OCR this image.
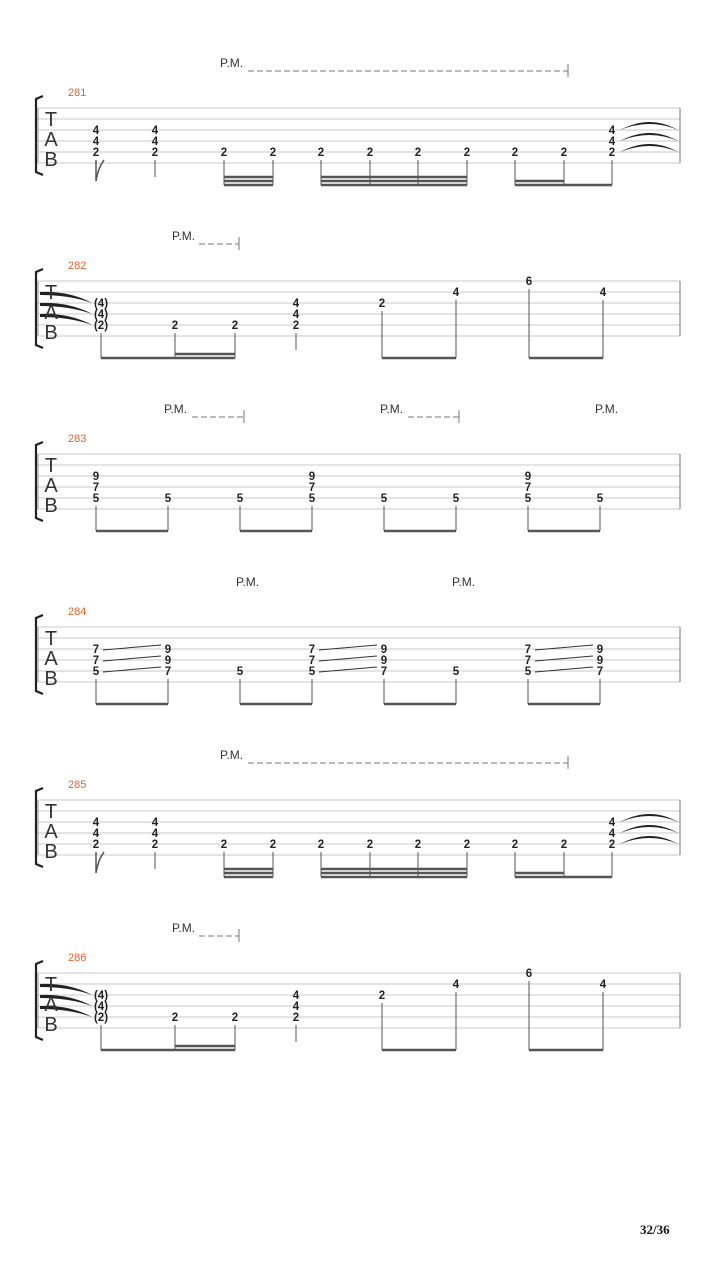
T
A
B
281
P.M.
4
4
2
4
4
2	2	2	2	2	2	2	2	2
4
4
2
T
A
B
282
P.M.
(4)
(4)
(2)	2	2
4
4
2
2
4
6
4
T
A
B
283
P.M.	P.M.	P.M.
9
7
5	5	5
9
7
5	5	5
9
7
5	5
T
A
B
284
P.M.	P.M.
7
7
5
9
9
7	5
7
7
5
9
9
7	5
7
7
5
9
9
7
T
A
B
285
P.M.
4
4
2
4
4
2	2	2	2	2	2	2	2	2
4
4
2
T
A
B
286
P.M.
(4)
(4)
(2)	2	2
4
4
2
2
4
6
4
32/36
